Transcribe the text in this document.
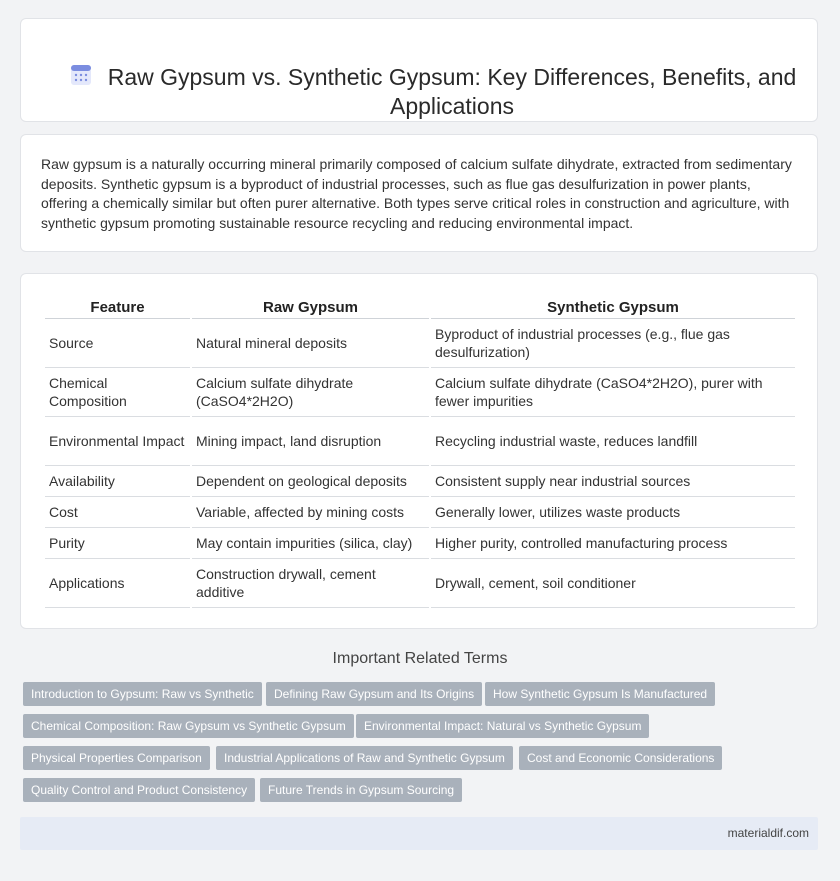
Raw Gypsum vs. Synthetic Gypsum: Key Differences, Benefits, and Applications

Raw gypsum is a naturally occurring mineral primarily composed of calcium sulfate dihydrate, extracted from sedimentary deposits. Synthetic gypsum is a byproduct of industrial processes, such as flue gas desulfurization in power plants, offering a chemically similar but often purer alternative. Both types serve critical roles in construction and agriculture, with synthetic gypsum promoting sustainable resource recycling and reducing environmental impact.

Feature	Raw Gypsum	Synthetic Gypsum
Source	Natural mineral deposits	Byproduct of industrial processes (e.g., flue gas desulfurization)
Chemical Composition	Calcium sulfate dihydrate (CaSO4*2H2O)	Calcium sulfate dihydrate (CaSO4*2H2O), purer with fewer impurities
Environmental Impact	Mining impact, land disruption	Recycling industrial waste, reduces landfill
Availability	Dependent on geological deposits	Consistent supply near industrial sources
Cost	Variable, affected by mining costs	Generally lower, utilizes waste products
Purity	May contain impurities (silica, clay)	Higher purity, controlled manufacturing process
Applications	Construction drywall, cement additive	Drywall, cement, soil conditioner
Important Related Terms
Introduction to Gypsum: Raw vs Synthetic	Defining Raw Gypsum and Its Origins	How Synthetic Gypsum Is Manufactured
Chemical Composition: Raw Gypsum vs Synthetic Gypsum	Environmental Impact: Natural vs Synthetic Gypsum
Physical Properties Comparison	Industrial Applications of Raw and Synthetic Gypsum	Cost and Economic Considerations
Quality Control and Product Consistency	Future Trends in Gypsum Sourcing
materialdif.com
